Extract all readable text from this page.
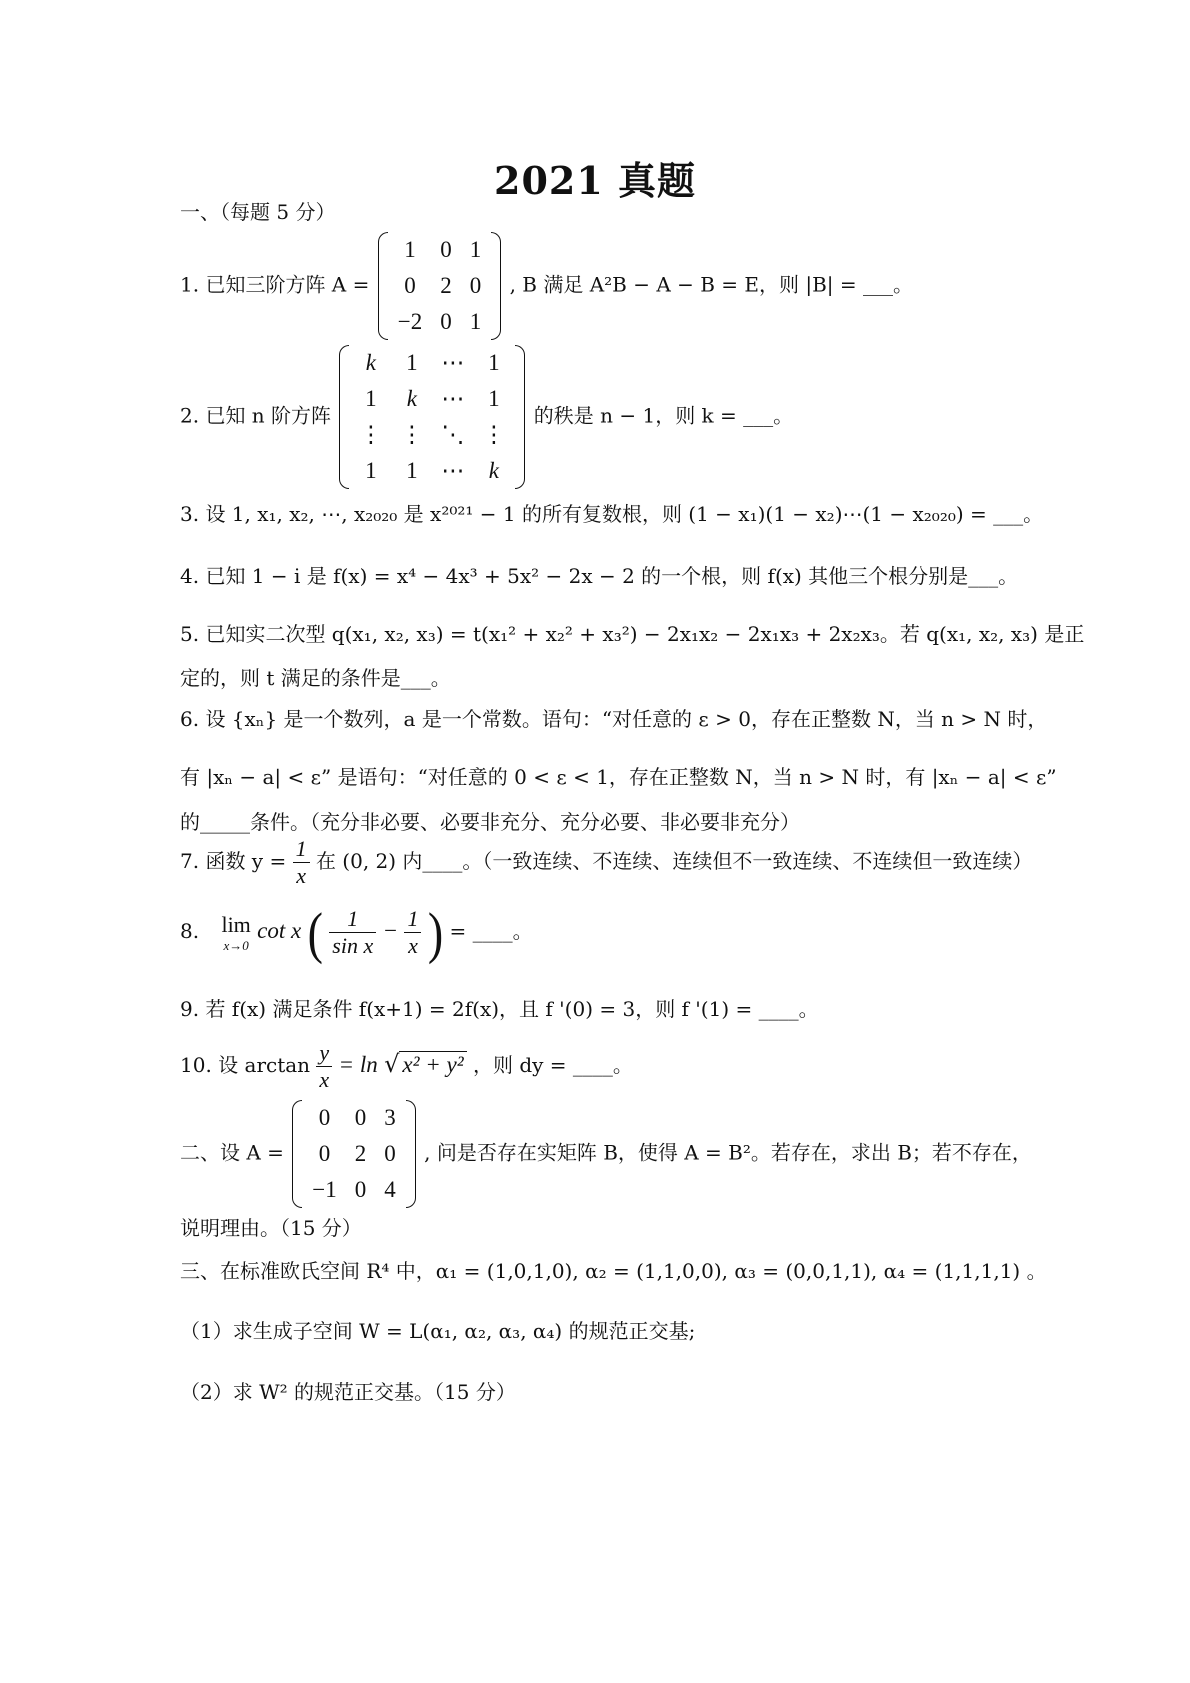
2021 真题
一、（每题 5 分）
1. 已知三阶方阵 A =
1	0	1
0	2	0
−2	0	1
, B 满足 A²B − A − B = E，则 |B| = ___。
2. 已知 n 阶方阵
k	1	⋯	1
1	k	⋯	1
⋮	⋮	⋱	⋮
1	1	⋯	k
的秩是 n − 1，则 k = ___。
3. 设 1, x₁, x₂, ⋯, x₂₀₂₀ 是 x²⁰²¹ − 1 的所有复数根，则 (1 − x₁)(1 − x₂)⋯(1 − x₂₀₂₀) = ___。
4. 已知 1 − i 是 f(x) = x⁴ − 4x³ + 5x² − 2x − 2 的一个根，则 f(x) 其他三个根分别是___。
5. 已知实二次型 q(x₁, x₂, x₃) = t(x₁² + x₂² + x₃²) − 2x₁x₂ − 2x₁x₃ + 2x₂x₃。若 q(x₁, x₂, x₃) 是正
定的，则 t 满足的条件是___。
6. 设 {xₙ} 是一个数列，a 是一个常数。语句：“对任意的 ε > 0，存在正整数 N，当 n > N 时，
有 |xₙ − a| < ε” 是语句：“对任意的 0 < ε < 1，存在正整数 N，当 n > N 时，有 |xₙ − a| < ε”
的_____条件。（充分非必要、必要非充分、充分必要、非必要非充分）
7. 函数 $y = \frac{1}{x}$ 在 (0, 2) 内____。（一致连续、不连续、连续但不一致连续、不连续但一致连续）
8. lim
x→0
cot x ( $\frac{1}{\text{sin x}} - \frac{1}{x}$ ) = ____。
9. 若 f(x) 满足条件 f(x+1) = 2f(x)，且 f '(0) = 3，则 f '(1) = ____。
10. 设 $\arctan \frac{y}{x} = \ln$ √ x² + y² ，则 dy = ____。
二、设 A =
0	0	3
0	2	0
−1	0	4
, 问是否存在实矩阵 B，使得 A = B²。若存在，求出 B；若不存在，
说明理由。（15 分）
三、在标准欧氏空间 R⁴ 中，α₁ = (1,0,1,0), α₂ = (1,1,0,0), α₃ = (0,0,1,1), α₄ = (1,1,1,1) 。
（1）求生成子空间 W = L(α₁, α₂, α₃, α₄) 的规范正交基;
（2）求 W² 的规范正交基。（15 分）
